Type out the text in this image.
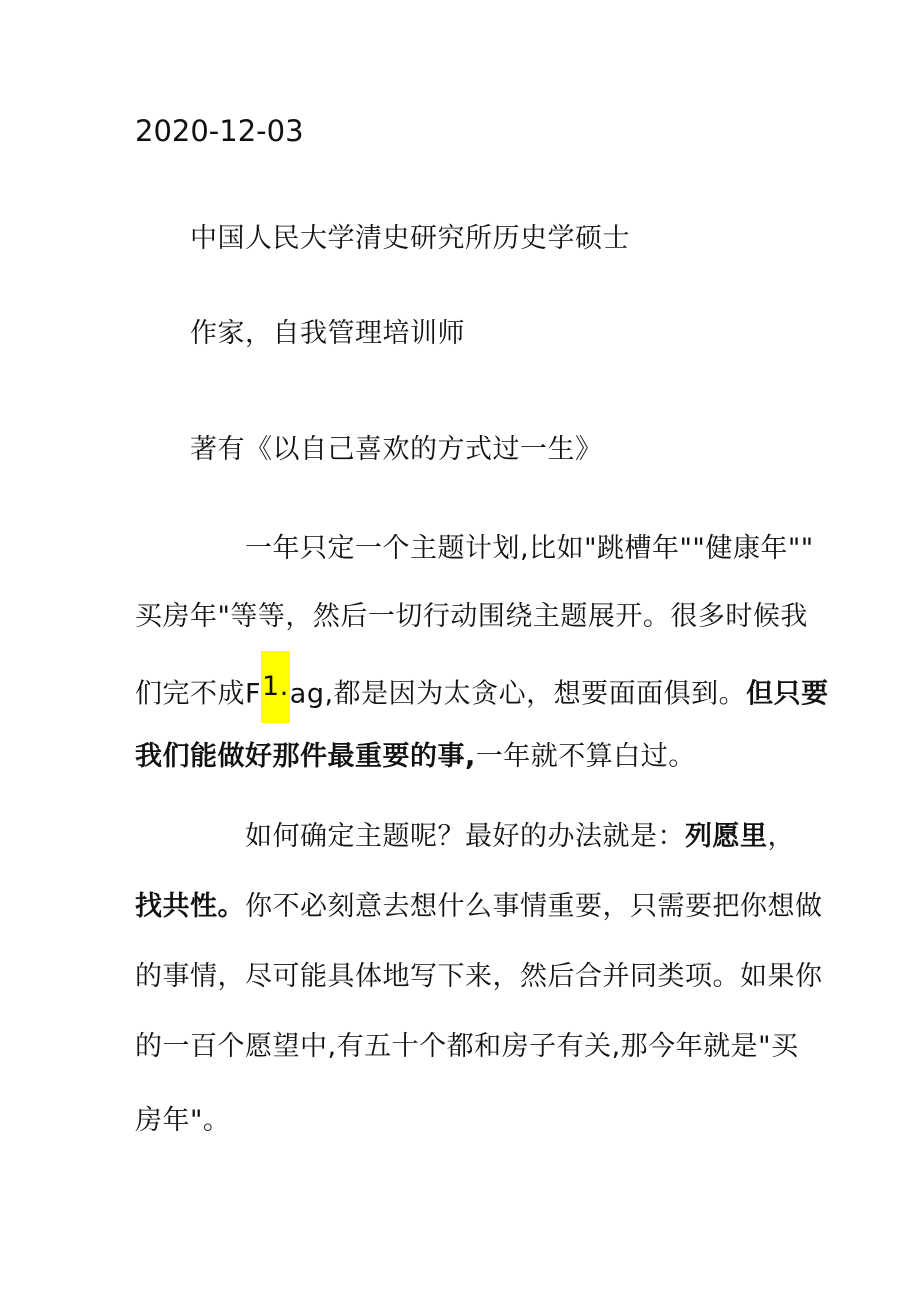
2020-12-03
中国人民大学清史研究所历史学硕士
作家，自我管理培训师
著有《以自己喜欢的方式过一生》
一年只定一个主题计划,比如"跳槽年""健康年""
买房年"等等，然后一切行动围绕主题展开。很多时候我
们完不成F1.ag,都是因为太贪心，想要面面俱到。但只要
我们能做好那件最重要的事,一年就不算白过。
如何确定主题呢？最好的办法就是：列愿里，
找共性。你不必刻意去想什么事情重要，只需要把你想做
的事情，尽可能具体地写下来，然后合并同类项。如果你
的一百个愿望中,有五十个都和房子有关,那今年就是"买
房年"。
